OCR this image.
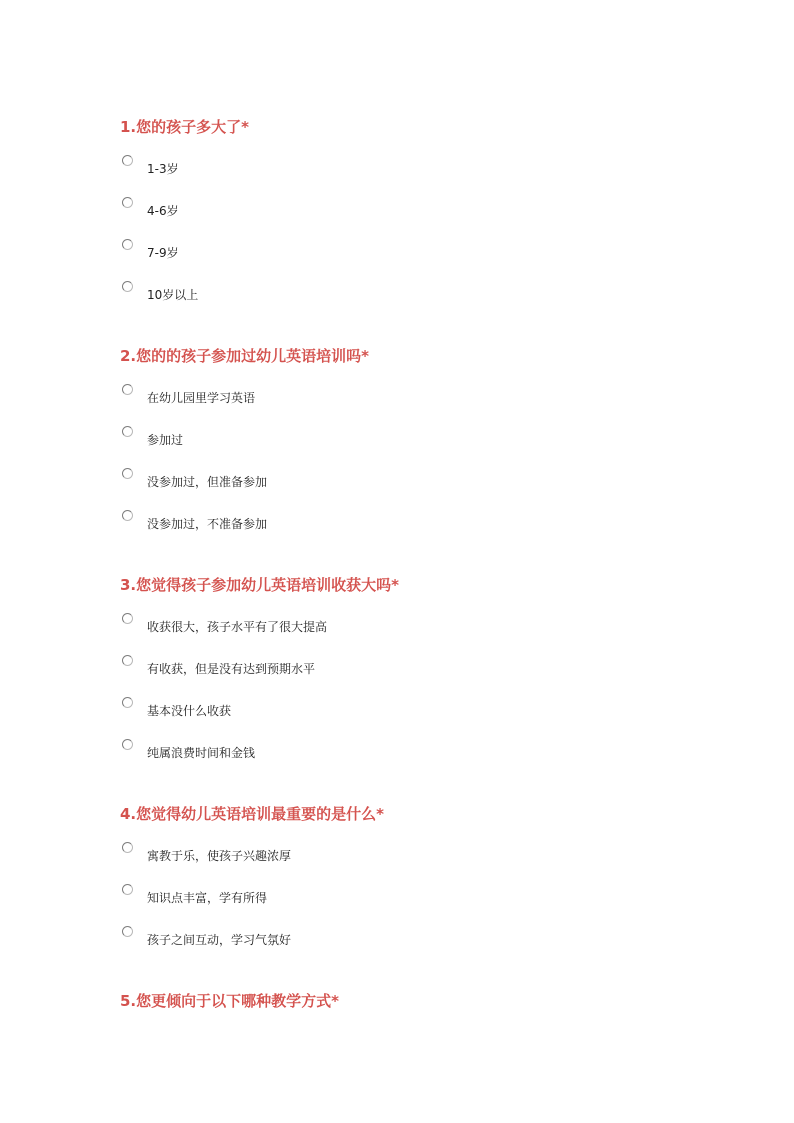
1.您的孩子多大了*

1-3岁
4-6岁
7-9岁
10岁以上

2.您的的孩子参加过幼儿英语培训吗*

在幼儿园里学习英语
参加过
没参加过，但准备参加
没参加过，不准备参加

3.您觉得孩子参加幼儿英语培训收获大吗*

收获很大，孩子水平有了很大提高
有收获，但是没有达到预期水平
基本没什么收获
纯属浪费时间和金钱

4.您觉得幼儿英语培训最重要的是什么*

寓教于乐，使孩子兴趣浓厚
知识点丰富，学有所得
孩子之间互动，学习气氛好

5.您更倾向于以下哪种教学方式*
